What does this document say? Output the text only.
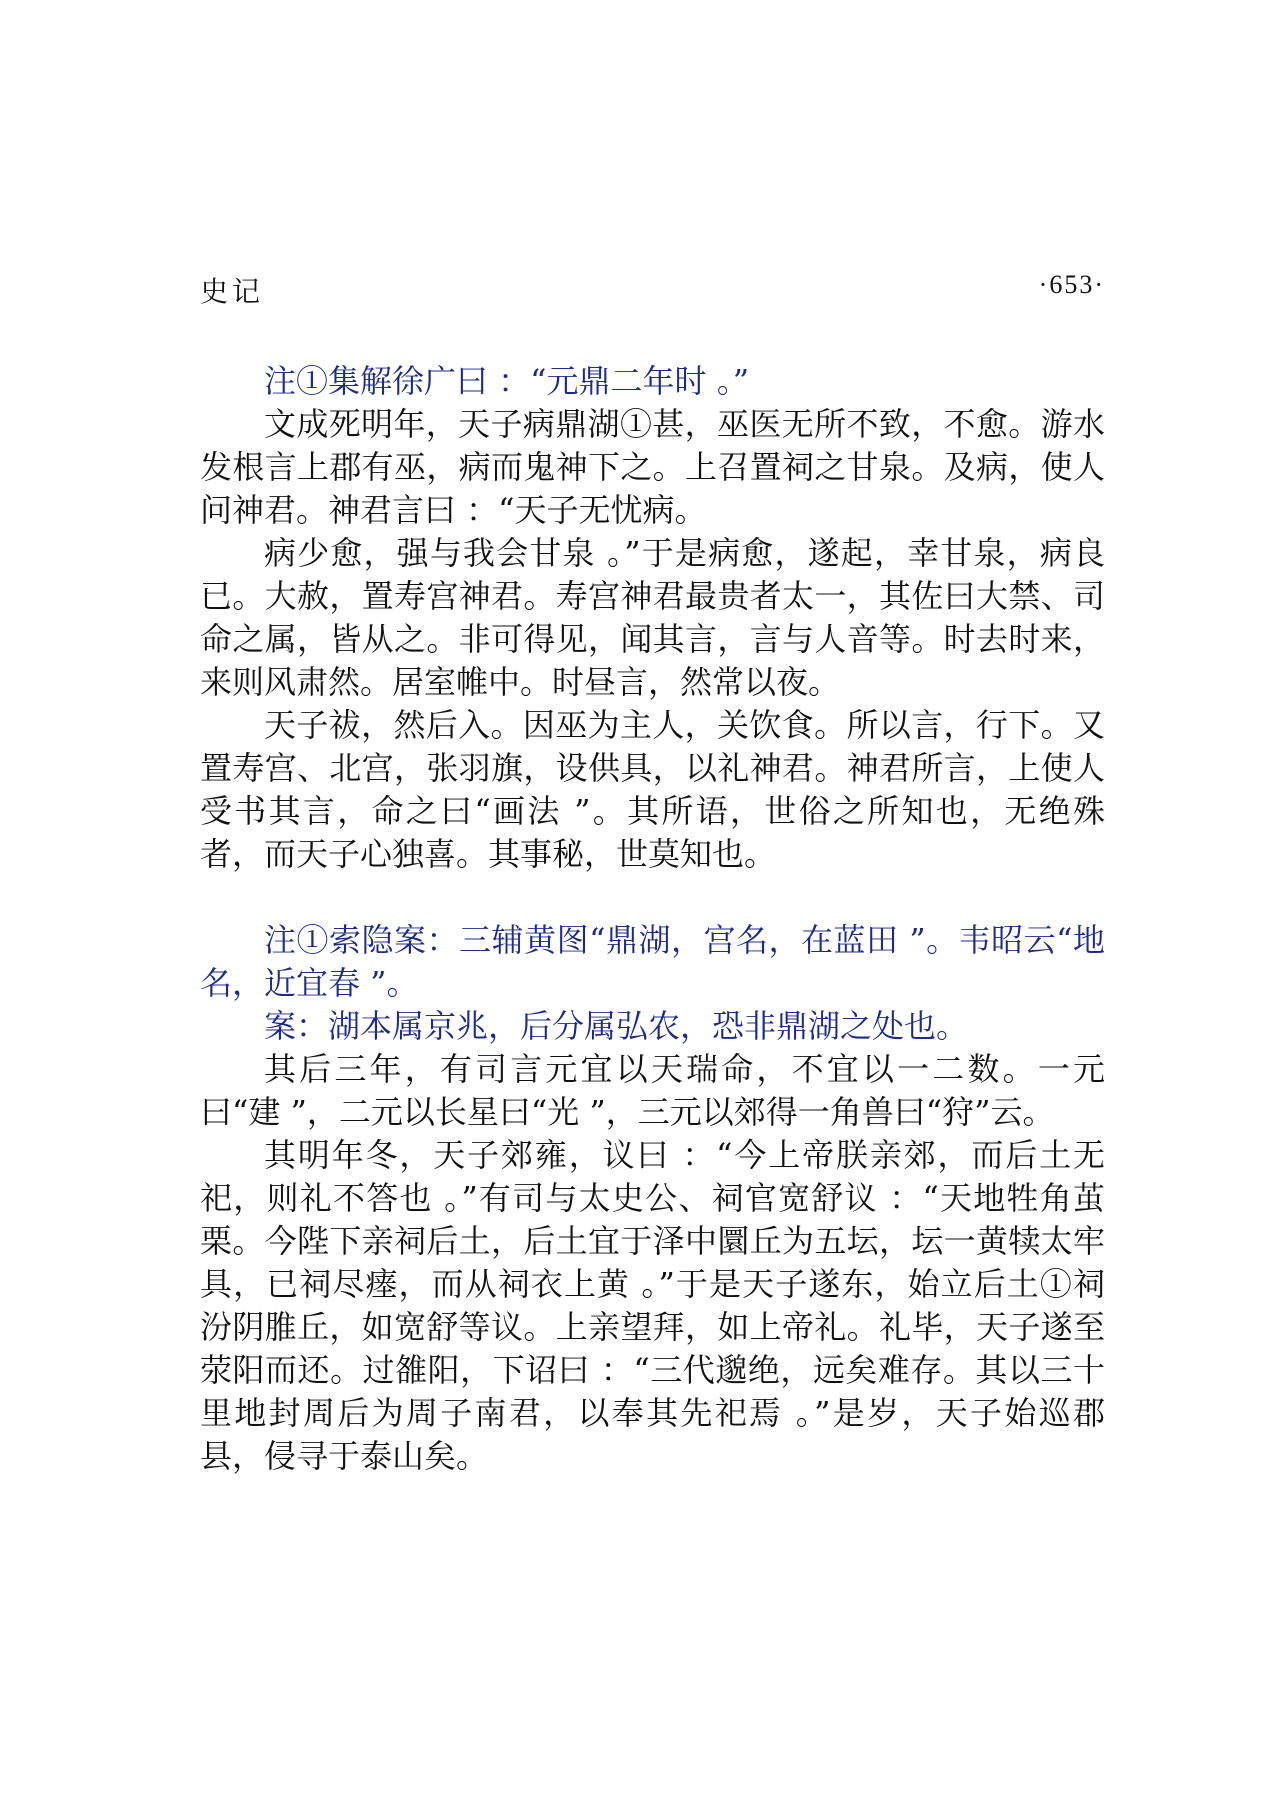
史记	·653·

注①集解徐广曰 ：“元鼎二年时 。”

文成死明年，天子病鼎湖①甚，巫医无所不致，不愈。游水发根言上郡有巫，病而鬼神下之。上召置祠之甘泉。及病，使人问神君。神君言曰 ：“天子无忧病。

病少愈，强与我会甘泉 。”于是病愈，遂起，幸甘泉，病良已。大赦，置寿宫神君。寿宫神君最贵者太一，其佐曰大禁、司命之属，皆从之。非可得见，闻其言，言与人音等。时去时来，来则风肃然。居室帷中。时昼言，然常以夜。

天子祓，然后入。因巫为主人，关饮食。所以言，行下。又置寿宫、北宫，张羽旗，设供具，以礼神君。神君所言，上使人受书其言，命之曰“画法 ”。其所语，世俗之所知也，无绝殊者，而天子心独喜。其事秘，世莫知也。

注①索隐案：三辅黄图“鼎湖，宫名，在蓝田 ”。韦昭云“地名，近宜春 ”。

案：湖本属京兆，后分属弘农，恐非鼎湖之处也。

其后三年，有司言元宜以天瑞命，不宜以一二数。一元曰“建 ”，二元以长星曰“光 ”，三元以郊得一角兽曰“狩”云。

其明年冬，天子郊雍，议曰 ：“今上帝朕亲郊，而后土无祀，则礼不答也 。”有司与太史公、祠官宽舒议 ：“天地牲角茧栗。今陛下亲祠后土，后土宜于泽中圜丘为五坛，坛一黄犊太牢具，已祠尽瘗，而从祠衣上黄 。”于是天子遂东，始立后土①祠汾阴脽丘，如宽舒等议。上亲望拜，如上帝礼。礼毕，天子遂至荥阳而还。过雒阳，下诏曰 ：“三代邈绝，远矣难存。其以三十里地封周后为周子南君，以奉其先祀焉 。”是岁，天子始巡郡县，侵寻于泰山矣。
